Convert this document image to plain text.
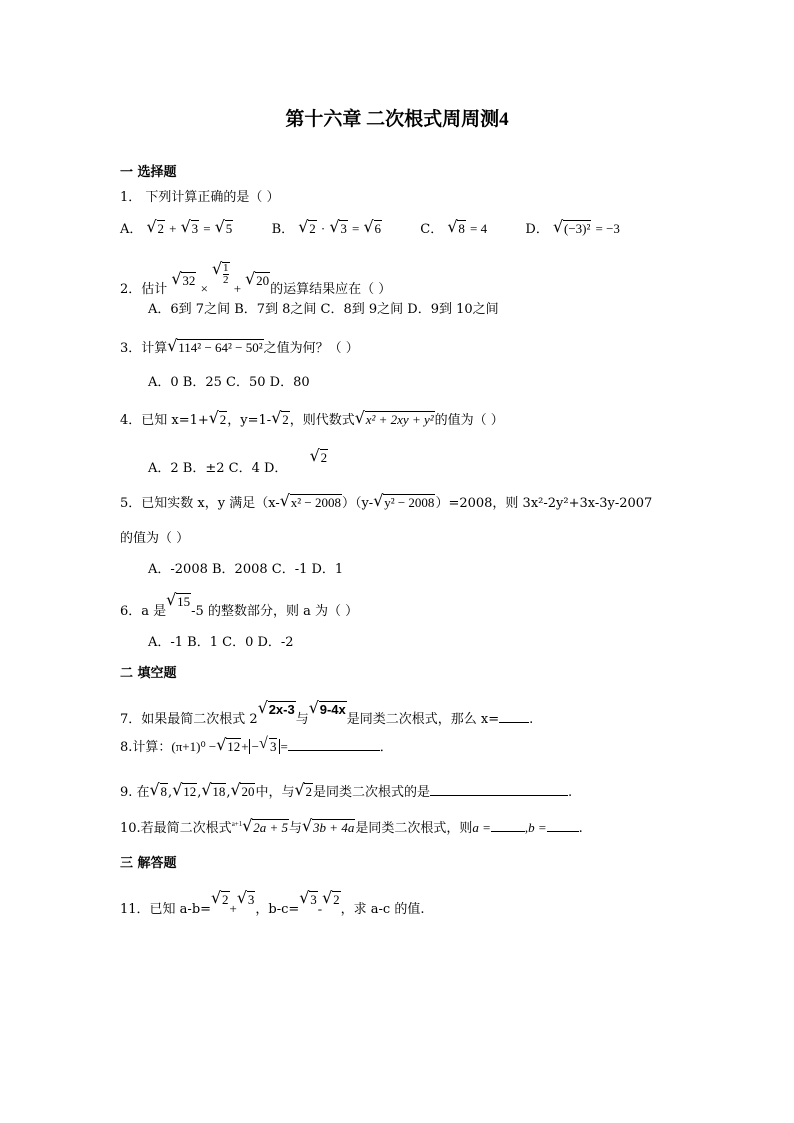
第十六章 二次根式周周测4
一 选择题
1． 下列计算正确的是（ ）
A． √ 2 + √ 3 = √ 5	B． √ 2 · √ 3 = √ 6	C． √ 8 = 4	D． √ (−3)² = −3
2．估计 √ 32 ×
√ $\frac{1}{2}$
+ √ 20的运算结果应在（ ）
A．6到 7之间 B．7到 8之间 C．8到 9之间 D．9到 10之间
3．计算 √ 114² − 64² − 50²之值为何？（ ）
A．0 B．25 C．50 D．80
4．已知 x=1+ √ 2，y=1- √ 2，则代数式 √ x² + 2xy + y²的值为（ ）
A．2 B．±2 C．4 D． √ 2
5．已知实数 x，y 满足（x- √ x² − 2008）（y- √ y² − 2008）=2008，则 3x²-2y²+3x-3y-2007
的值为（ ）
A．-2008 B．2008 C．-1 D．1
6．a 是√ 15-5 的整数部分，则 a 为（ ）
A．-1 B．1 C．0 D．-2
二 填空题
7．如果最简二次根式 2√ 2x-3与√ 9-4x是同类二次根式，那么 x= .
8.计算：(π+1)⁰ − √ 12+ − √ 3 =	．
9. 在 √ 8, √ 12, √ 18, √ 20中，与 √ 2是同类二次根式的是	.
10.若最简二次根式$^{a+1}$ √ 2a + 5与 √ 3b + 4a是同类二次根式，则a =	,b = .
三 解答题
11．已知 a-b=√ 2+√ 3，b-c=√ 3-√ 2，求 a-c 的值.
